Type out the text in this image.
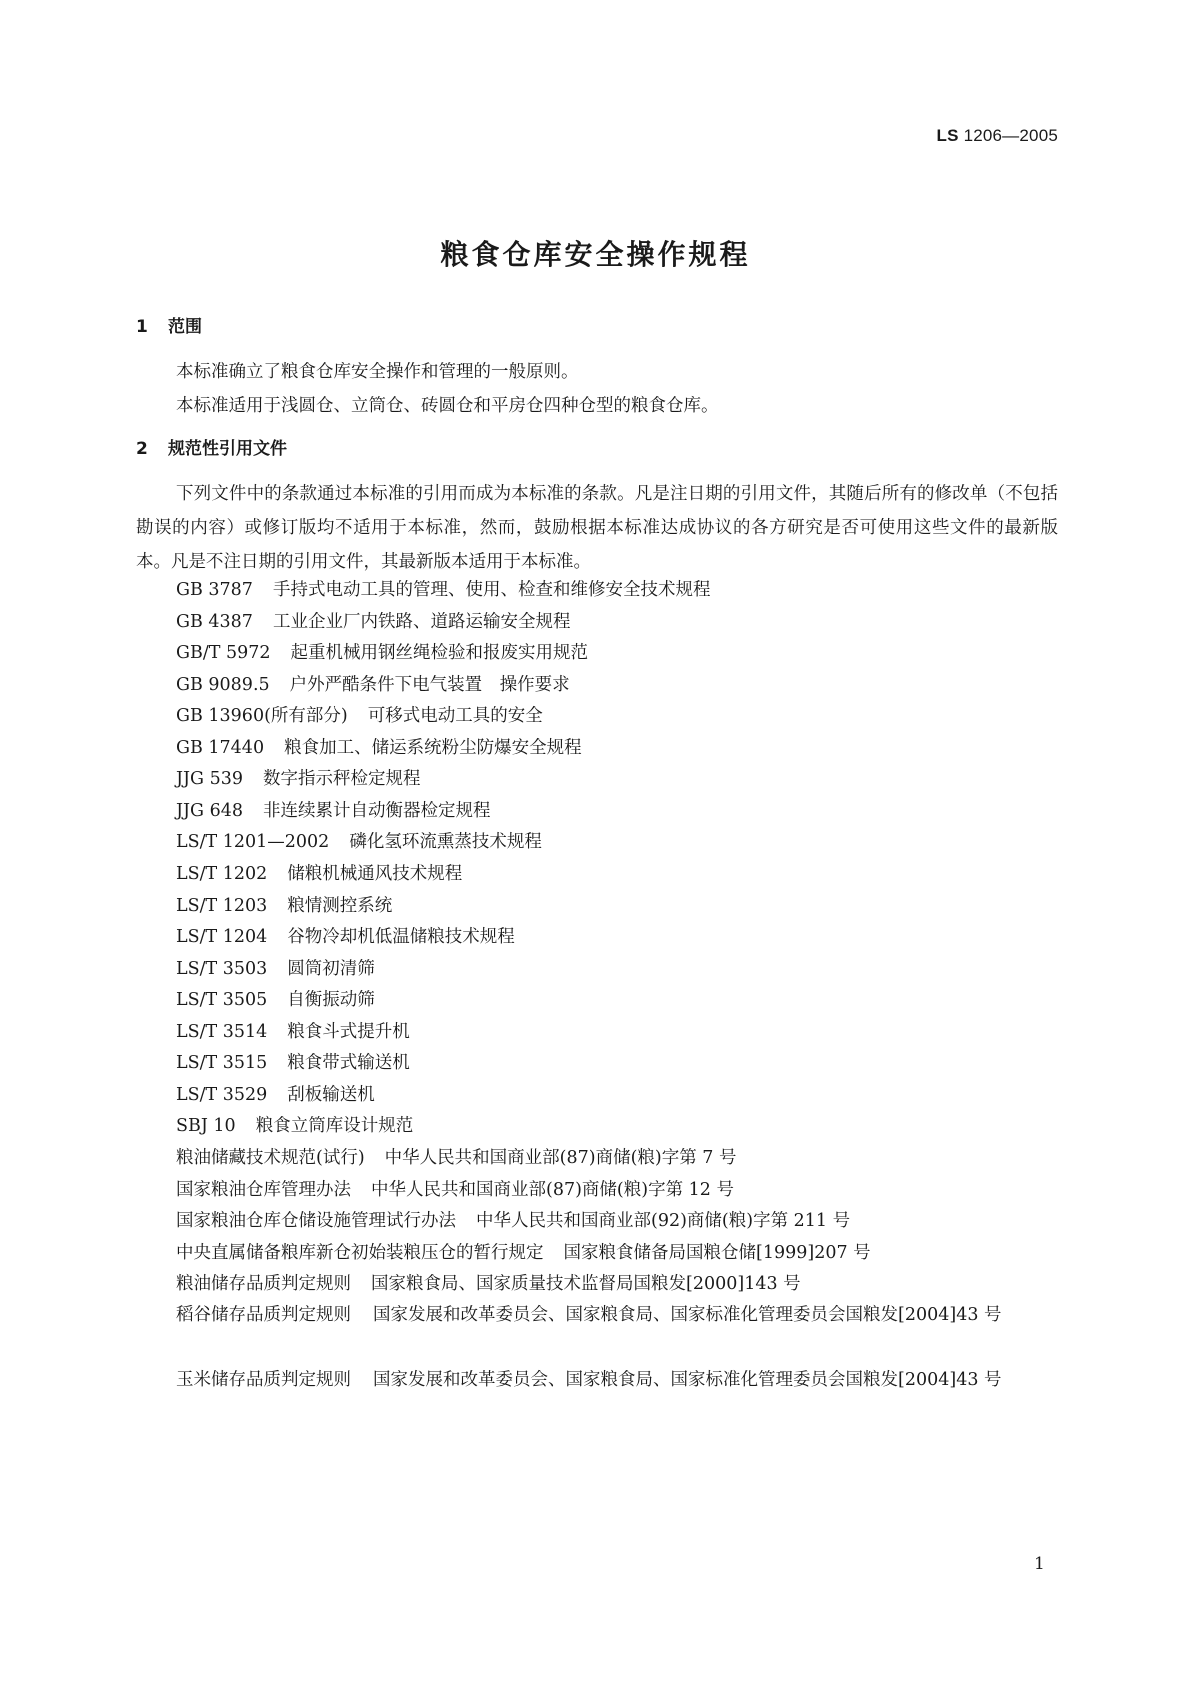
LS 1206—2005
粮食仓库安全操作规程
1 范围
本标准确立了粮食仓库安全操作和管理的一般原则。
本标准适用于浅圆仓、立筒仓、砖圆仓和平房仓四种仓型的粮食仓库。
2 规范性引用文件
下列文件中的条款通过本标准的引用而成为本标准的条款。凡是注日期的引用文件，其随后所有的修改单（不包括勘误的内容）或修订版均不适用于本标准，然而，鼓励根据本标准达成协议的各方研究是否可使用这些文件的最新版本。凡是不注日期的引用文件，其最新版本适用于本标准。
GB 3787 手持式电动工具的管理、使用、检查和维修安全技术规程
GB 4387 工业企业厂内铁路、道路运输安全规程
GB/T 5972 起重机械用钢丝绳检验和报废实用规范
GB 9089.5 户外严酷条件下电气装置　操作要求
GB 13960(所有部分) 可移式电动工具的安全
GB 17440 粮食加工、储运系统粉尘防爆安全规程
JJG 539 数字指示秤检定规程
JJG 648 非连续累计自动衡器检定规程
LS/T 1201—2002 磷化氢环流熏蒸技术规程
LS/T 1202 储粮机械通风技术规程
LS/T 1203 粮情测控系统
LS/T 1204 谷物冷却机低温储粮技术规程
LS/T 3503 圆筒初清筛
LS/T 3505 自衡振动筛
LS/T 3514 粮食斗式提升机
LS/T 3515 粮食带式输送机
LS/T 3529 刮板输送机
SBJ 10 粮食立筒库设计规范
粮油储藏技术规范(试行) 中华人民共和国商业部(87)商储(粮)字第 7 号
国家粮油仓库管理办法 中华人民共和国商业部(87)商储(粮)字第 12 号
国家粮油仓库仓储设施管理试行办法 中华人民共和国商业部(92)商储(粮)字第 211 号
中央直属储备粮库新仓初始装粮压仓的暂行规定 国家粮食储备局国粮仓储[1999]207 号
粮油储存品质判定规则 国家粮食局、国家质量技术监督局国粮发[2000]143 号
稻谷储存品质判定规则 国家发展和改革委员会、国家粮食局、国家标准化管理委员会国粮发[2004]43 号
玉米储存品质判定规则 国家发展和改革委员会、国家粮食局、国家标准化管理委员会国粮发[2004]43 号
1
